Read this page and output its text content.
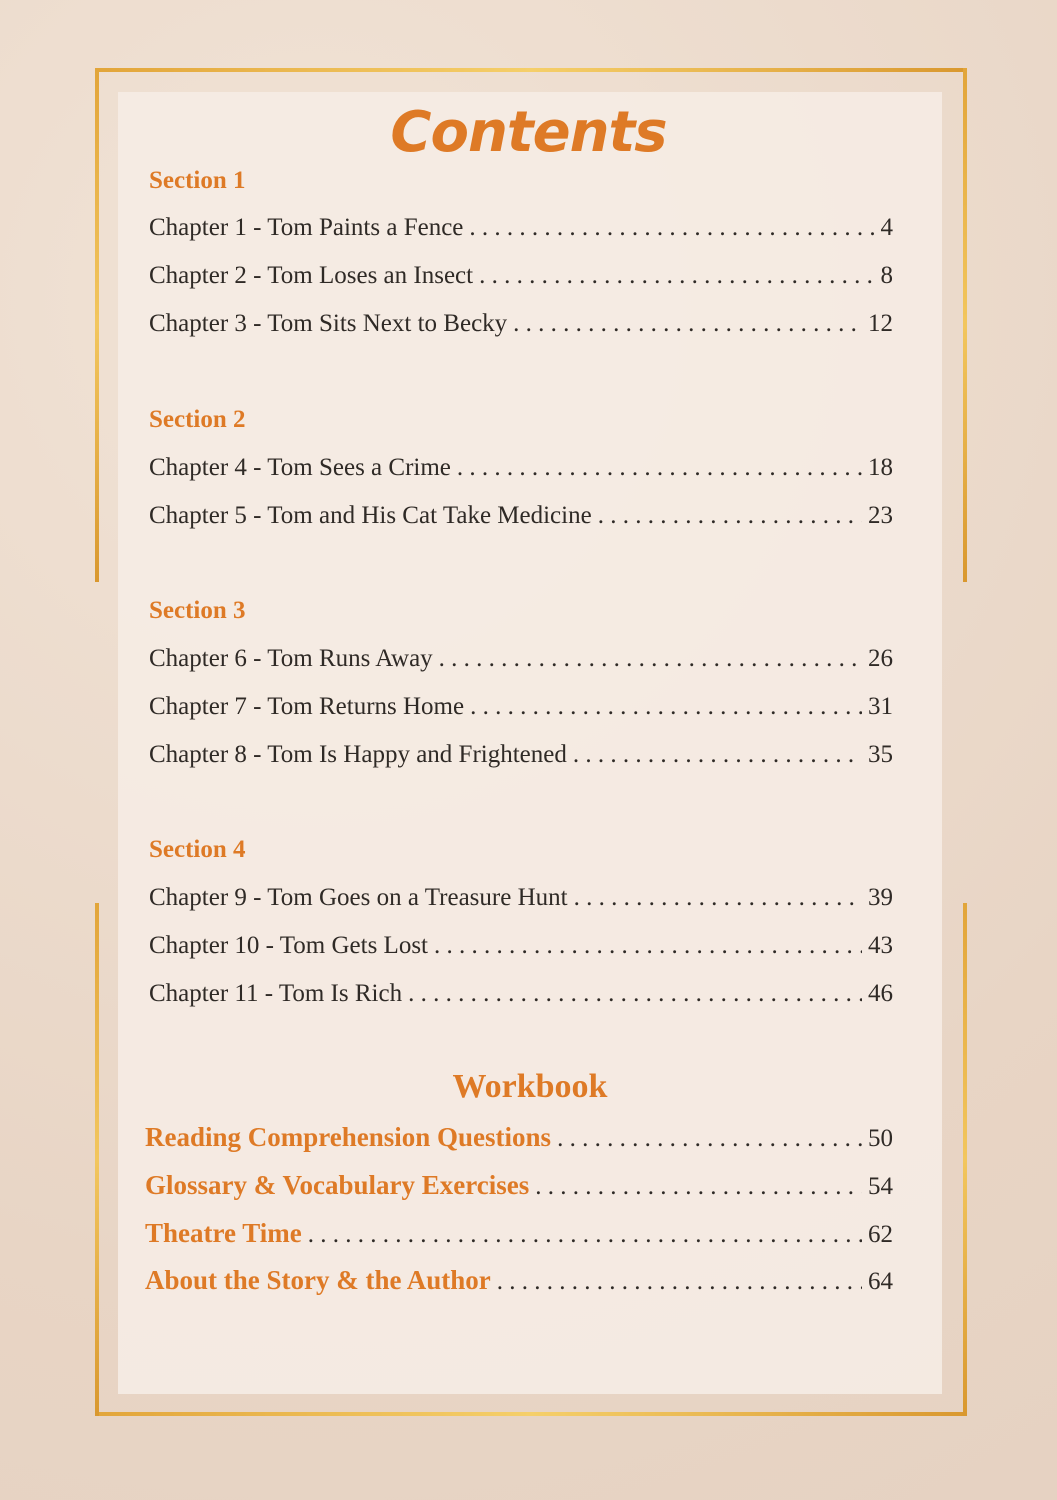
Contents
Section 1
Chapter 1 - Tom Paints a Fence . . .	4
Chapter 2 - Tom Loses an Insect . . .	8
Chapter 3 - Tom Sits Next to Becky . . .	12
Section 2
Chapter 4 - Tom Sees a Crime . . .	18
Chapter 5 - Tom and His Cat Take Medicine . . .	23
Section 3
Chapter 6 - Tom Runs Away . . .	26
Chapter 7 - Tom Returns Home . . .	31
Chapter 8 - Tom Is Happy and Frightened . . .	35
Section 4
Chapter 9 - Tom Goes on a Treasure Hunt . . .	39
Chapter 10 - Tom Gets Lost . . .	43
Chapter 11 - Tom Is Rich . . .	46
Workbook
Reading Comprehension Questions . . .	50
Glossary & Vocabulary Exercises . . .	54
Theatre Time . . .	62
About the Story & the Author . . .	64
